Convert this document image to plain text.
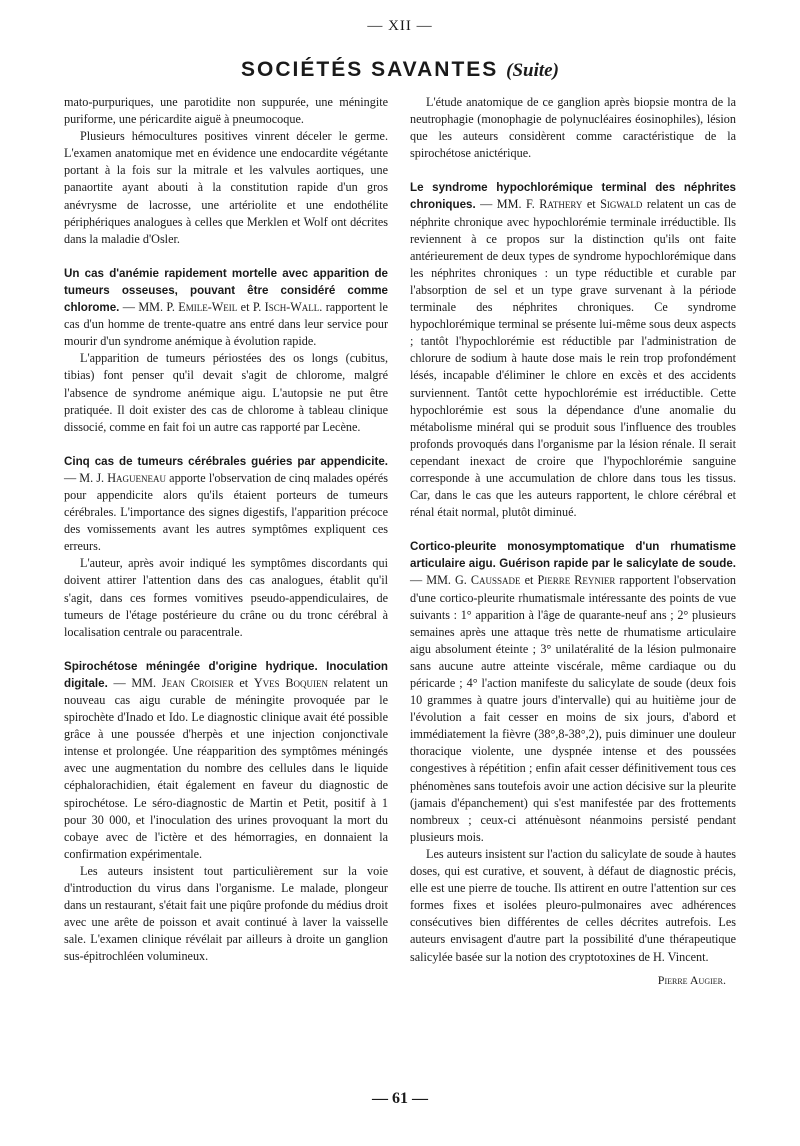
— XII —
SOCIÉTÉS SAVANTES (Suite)

mato-purpuriques, une parotidite non suppurée, une méningite puriforme, une péricardite aiguë à pneumocoque.

Plusieurs hémocultures positives vinrent déceler le germe. L'examen anatomique met en évidence une endocardite végétante portant à la fois sur la mitrale et les valvules aortiques, une panaortite ayant abouti à la constitution rapide d'un gros anévrysme de lacrosse, une artériolite et une endothélite périphériques analogues à celles que Merklen et Wolf ont décrites dans la maladie d'Osler.

Un cas d'anémie rapidement mortelle avec apparition de tumeurs osseuses, pouvant être considéré comme chlorome. — MM. P. Emile-Weil et P. Isch-Wall. rapportent le cas d'un homme de trente-quatre ans entré dans leur service pour mourir d'un syndrome anémique à évolution rapide.

L'apparition de tumeurs périostées des os longs (cubitus, tibias) font penser qu'il devait s'agit de chlorome, malgré l'absence de syndrome anémique aigu. L'autopsie ne put être pratiquée. Il doit exister des cas de chlorome à tableau clinique dissocié, comme en fait foi un autre cas rapporté par Lecène.

Cinq cas de tumeurs cérébrales guéries par appendicite. — M. J. Hagueneau apporte l'observation de cinq malades opérés pour appendicite alors qu'ils étaient porteurs de tumeurs cérébrales. L'importance des signes digestifs, l'apparition précoce des vomissements avant les autres symptômes expliquent ces erreurs.

L'auteur, après avoir indiqué les symptômes discordants qui doivent attirer l'attention dans des cas analogues, établit qu'il s'agit, dans ces formes vomitives pseudo-appendiculaires, de tumeurs de l'étage postérieure du crâne ou du tronc cérébral à localisation centrale ou paracentrale.

Spirochétose méningée d'origine hydrique. Inoculation digitale. — MM. Jean Croisier et Yves Boquien relatent un nouveau cas aigu curable de méningite provoquée par le spirochète d'Inado et Ido. Le diagnostic clinique avait été possible grâce à une poussée d'herpès et une injection conjonctivale intense et prolongée. Une réapparition des symptômes méningés avec une augmentation du nombre des cellules dans le liquide céphalorachidien, était également en faveur du diagnostic de spirochétose. Le séro-diagnostic de Martin et Petit, positif à 1 pour 30 000, et l'inoculation des urines provoquant la mort du cobaye avec de l'ictère et des hémorragies, en donnaient la confirmation expérimentale.

Les auteurs insistent tout particulièrement sur la voie d'introduction du virus dans l'organisme. Le malade, plongeur dans un restaurant, s'était fait une piqûre profonde du médius droit avec une arête de poisson et avait continué à laver la vaisselle sale. L'examen clinique révélait par ailleurs à droite un ganglion sus-épitrochléen volumineux.

L'étude anatomique de ce ganglion après biopsie montra de la neutrophagie (monophagie de polynucléaires éosinophiles), lésion que les auteurs considèrent comme caractéristique de la spirochétose anictérique.

Le syndrome hypochlorémique terminal des néphrites chroniques. — MM. F. Rathery et Sigwald relatent un cas de néphrite chronique avec hypochlorémie terminale irréductible. Ils reviennent à ce propos sur la distinction qu'ils ont faite antérieurement de deux types de syndrome hypochlorémique dans les néphrites chroniques : un type réductible et curable par l'absorption de sel et un type grave survenant à la période terminale des néphrites chroniques. Ce syndrome hypochlorémique terminal se présente lui-même sous deux aspects ; tantôt l'hypochlorémie est réductible par l'administration de chlorure de sodium à haute dose mais le rein trop profondément lésés, incapable d'éliminer le chlore en excès et des accidents surviennent. Tantôt cette hypochlorémie est irréductible. Cette hypochlorémie est sous la dépendance d'une anomalie du métabolisme minéral qui se produit sous l'influence des troubles profonds provoqués dans l'organisme par la lésion rénale. Il serait cependant inexact de croire que l'hypochlorémie sanguine corresponde à une accumulation de chlore dans tous les tissus. Car, dans le cas que les auteurs rapportent, le chlore cérébral et rénal était normal, plutôt diminué.

Cortico-pleurite monosymptomatique d'un rhumatisme articulaire aigu. Guérison rapide par le salicylate de soude. — MM. G. Caussade et Pierre Reynier rapportent l'observation d'une cortico-pleurite rhumatismale intéressante des points de vue suivants : 1° apparition à l'âge de quarante-neuf ans ; 2° plusieurs semaines après une attaque très nette de rhumatisme articulaire aigu absolument éteinte ; 3° unilatéralité de la lésion pulmonaire sans aucune autre atteinte viscérale, même cardiaque ou du péricarde ; 4° l'action manifeste du salicylate de soude (deux fois 10 grammes à quatre jours d'intervalle) qui au huitième jour de l'évolution a fait cesser en moins de six jours, d'abord et immédiatement la fièvre (38°,8-38°,2), puis diminuer une douleur thoracique violente, une dyspnée intense et des poussées congestives à répétition ; enfin afait cesser définitivement tous ces phénomènes sans toutefois avoir une action décisive sur la pleurite (jamais d'épanchement) qui s'est manifestée par des frottements nombreux ; ceux-ci atténuèsont néanmoins persisté pendant plusieurs mois.

Les auteurs insistent sur l'action du salicylate de soude à hautes doses, qui est curative, et souvent, à défaut de diagnostic précis, elle est une pierre de touche. Ils attirent en outre l'attention sur ces formes fixes et isolées pleuro-pulmonaires avec adhérences consécutives bien différentes de celles décrites autrefois. Les auteurs envisagent d'autre part la possibilité d'une thérapeutique salicylée basée sur la notion des cryptotoxines de H. Vincent.

Pierre Augier.
— 61 —
